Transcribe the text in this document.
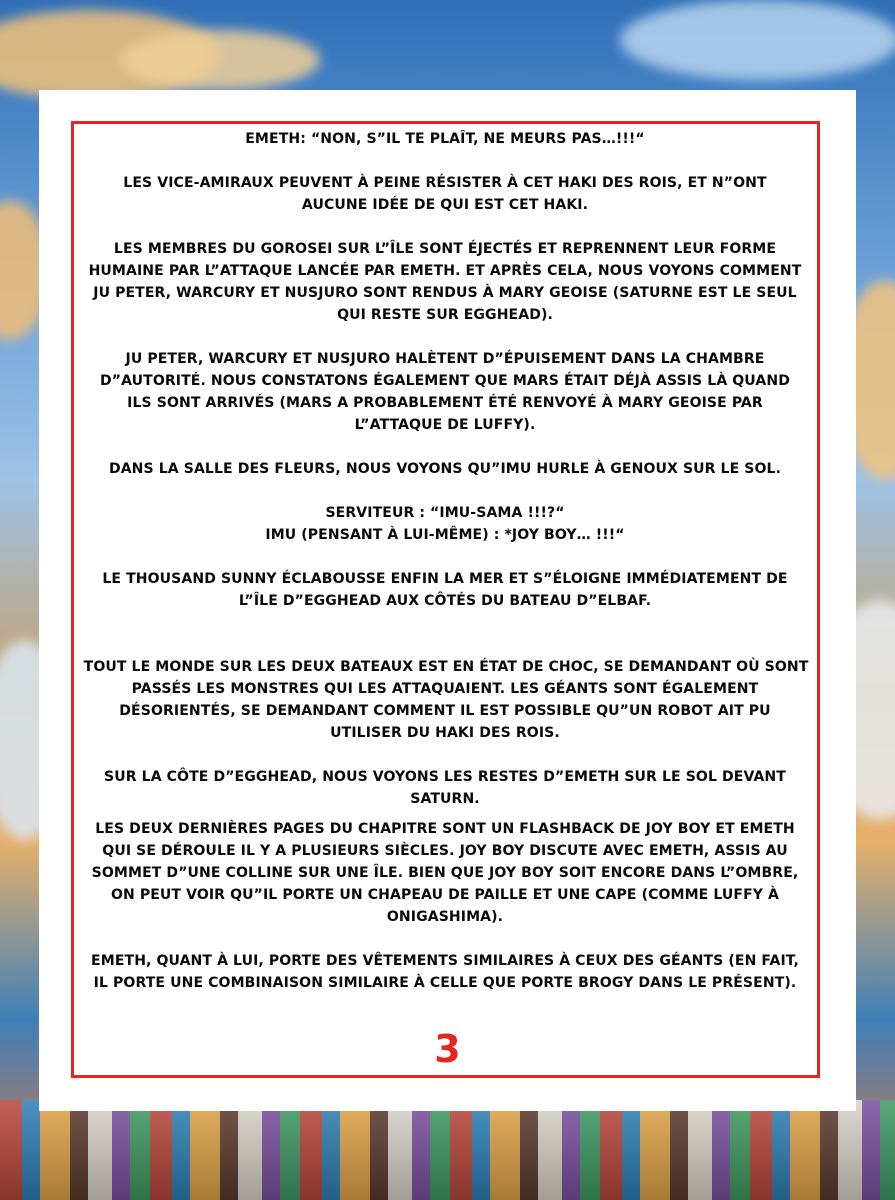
EMETH: “NON, S”IL TE PLAÎT, NE MEURS PAS…!!!“

LES VICE-AMIRAUX PEUVENT À PEINE RÉSISTER À CET HAKI DES ROIS, ET N”ONT
AUCUNE IDÉE DE QUI EST CET HAKI.

LES MEMBRES DU GOROSEI SUR L”ÎLE SONT ÉJECTÉS ET REPRENNENT LEUR FORME
HUMAINE PAR L”ATTAQUE LANCÉE PAR EMETH. ET APRÈS CELA, NOUS VOYONS COMMENT
JU PETER, WARCURY ET NUSJURO SONT RENDUS À MARY GEOISE (SATURNE EST LE SEUL
QUI RESTE SUR EGGHEAD).

JU PETER, WARCURY ET NUSJURO HALÈTENT D”ÉPUISEMENT DANS LA CHAMBRE
D”AUTORITÉ. NOUS CONSTATONS ÉGALEMENT QUE MARS ÉTAIT DÉJÀ ASSIS LÀ QUAND
ILS SONT ARRIVÉS (MARS A PROBABLEMENT ÉTÉ RENVOYÉ À MARY GEOISE PAR
L”ATTAQUE DE LUFFY).

DANS LA SALLE DES FLEURS, NOUS VOYONS QU”IMU HURLE À GENOUX SUR LE SOL.

SERVITEUR : “IMU-SAMA !!!?“
IMU (PENSANT À LUI-MÊME) : *JOY BOY… !!!“

LE THOUSAND SUNNY ÉCLABOUSSE ENFIN LA MER ET S”ÉLOIGNE IMMÉDIATEMENT DE
L”ÎLE D”EGGHEAD AUX CÔTÉS DU BATEAU D”ELBAF.

TOUT LE MONDE SUR LES DEUX BATEAUX EST EN ÉTAT DE CHOC, SE DEMANDANT OÙ SONT
PASSÉS LES MONSTRES QUI LES ATTAQUAIENT. LES GÉANTS SONT ÉGALEMENT
DÉSORIENTÉS, SE DEMANDANT COMMENT IL EST POSSIBLE QU”UN ROBOT AIT PU
UTILISER DU HAKI DES ROIS.

SUR LA CÔTE D”EGGHEAD, NOUS VOYONS LES RESTES D”EMETH SUR LE SOL DEVANT
SATURN.

LES DEUX DERNIÈRES PAGES DU CHAPITRE SONT UN FLASHBACK DE JOY BOY ET EMETH
QUI SE DÉROULE IL Y A PLUSIEURS SIÈCLES. JOY BOY DISCUTE AVEC EMETH, ASSIS AU
SOMMET D”UNE COLLINE SUR UNE ÎLE. BIEN QUE JOY BOY SOIT ENCORE DANS L”OMBRE,
ON PEUT VOIR QU”IL PORTE UN CHAPEAU DE PAILLE ET UNE CAPE (COMME LUFFY À
ONIGASHIMA).

EMETH, QUANT À LUI, PORTE DES VÊTEMENTS SIMILAIRES À CEUX DES GÉANTS (EN FAIT,
IL PORTE UNE COMBINAISON SIMILAIRE À CELLE QUE PORTE BROGY DANS LE PRÉSENT).

3
